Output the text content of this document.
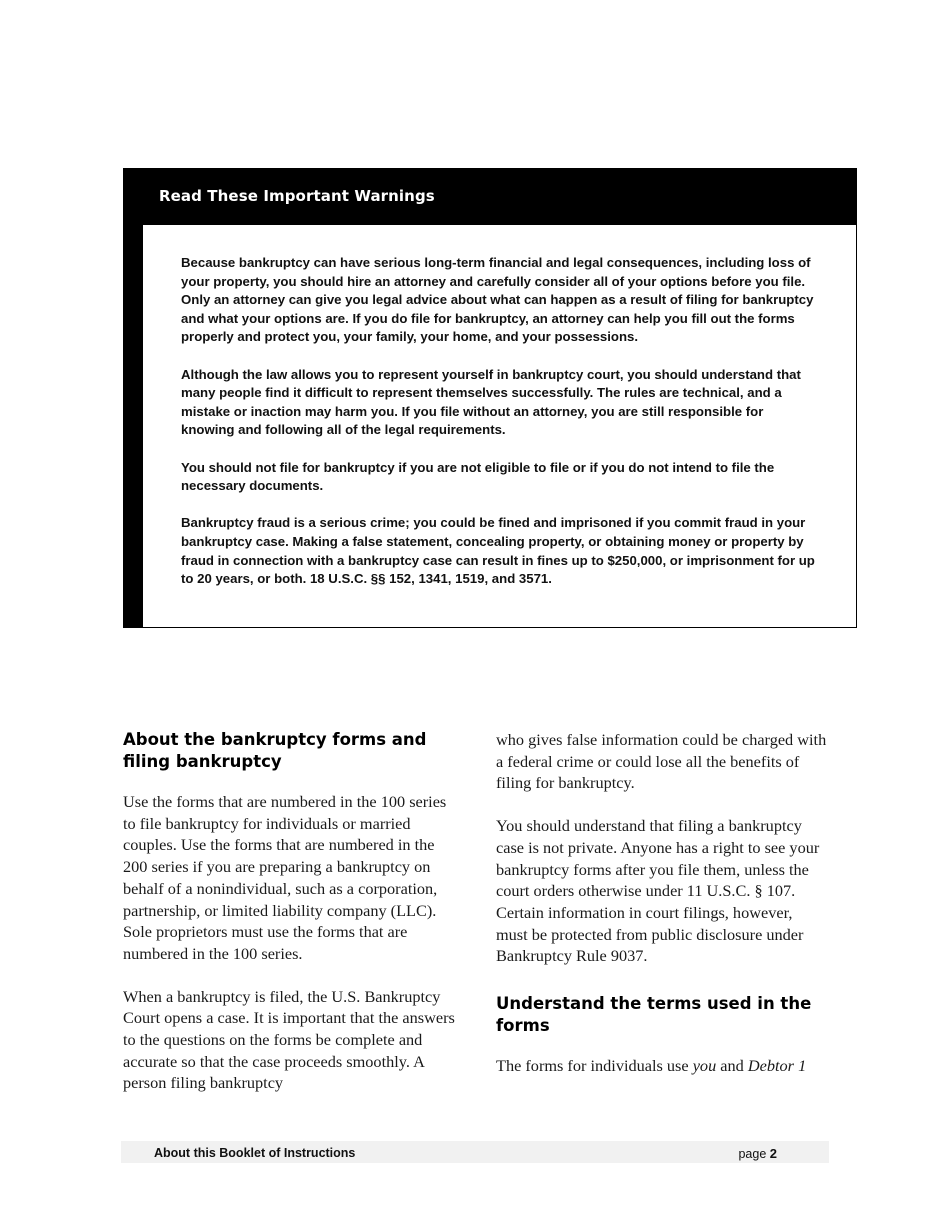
Read These Important Warnings

Because bankruptcy can have serious long-term financial and legal consequences, including loss of your property, you should hire an attorney and carefully consider all of your options before you file. Only an attorney can give you legal advice about what can happen as a result of filing for bankruptcy and what your options are. If you do file for bankruptcy, an attorney can help you fill out the forms properly and protect you, your family, your home, and your possessions.

Although the law allows you to represent yourself in bankruptcy court, you should understand that many people find it difficult to represent themselves successfully. The rules are technical, and a mistake or inaction may harm you. If you file without an attorney, you are still responsible for knowing and following all of the legal requirements.

You should not file for bankruptcy if you are not eligible to file or if you do not intend to file the necessary documents.

Bankruptcy fraud is a serious crime; you could be fined and imprisoned if you commit fraud in your bankruptcy case. Making a false statement, concealing property, or obtaining money or property by fraud in connection with a bankruptcy case can result in fines up to $250,000, or imprisonment for up to 20 years, or both. 18 U.S.C. §§ 152, 1341, 1519, and 3571.

About the bankruptcy forms and filing bankruptcy

Use the forms that are numbered in the 100 series to file bankruptcy for individuals or married couples. Use the forms that are numbered in the 200 series if you are preparing a bankruptcy on behalf of a nonindividual, such as a corporation, partnership, or limited liability company (LLC). Sole proprietors must use the forms that are numbered in the 100 series.

When a bankruptcy is filed, the U.S. Bankruptcy Court opens a case. It is important that the answers to the questions on the forms be complete and accurate so that the case proceeds smoothly. A person filing bankruptcy

who gives false information could be charged with a federal crime or could lose all the benefits of filing for bankruptcy.

You should understand that filing a bankruptcy case is not private. Anyone has a right to see your bankruptcy forms after you file them, unless the court orders otherwise under 11 U.S.C. § 107. Certain information in court filings, however, must be protected from public disclosure under Bankruptcy Rule 9037.

Understand the terms used in the forms

The forms for individuals use you and Debtor 1

About this Booklet of Instructions	page 2
